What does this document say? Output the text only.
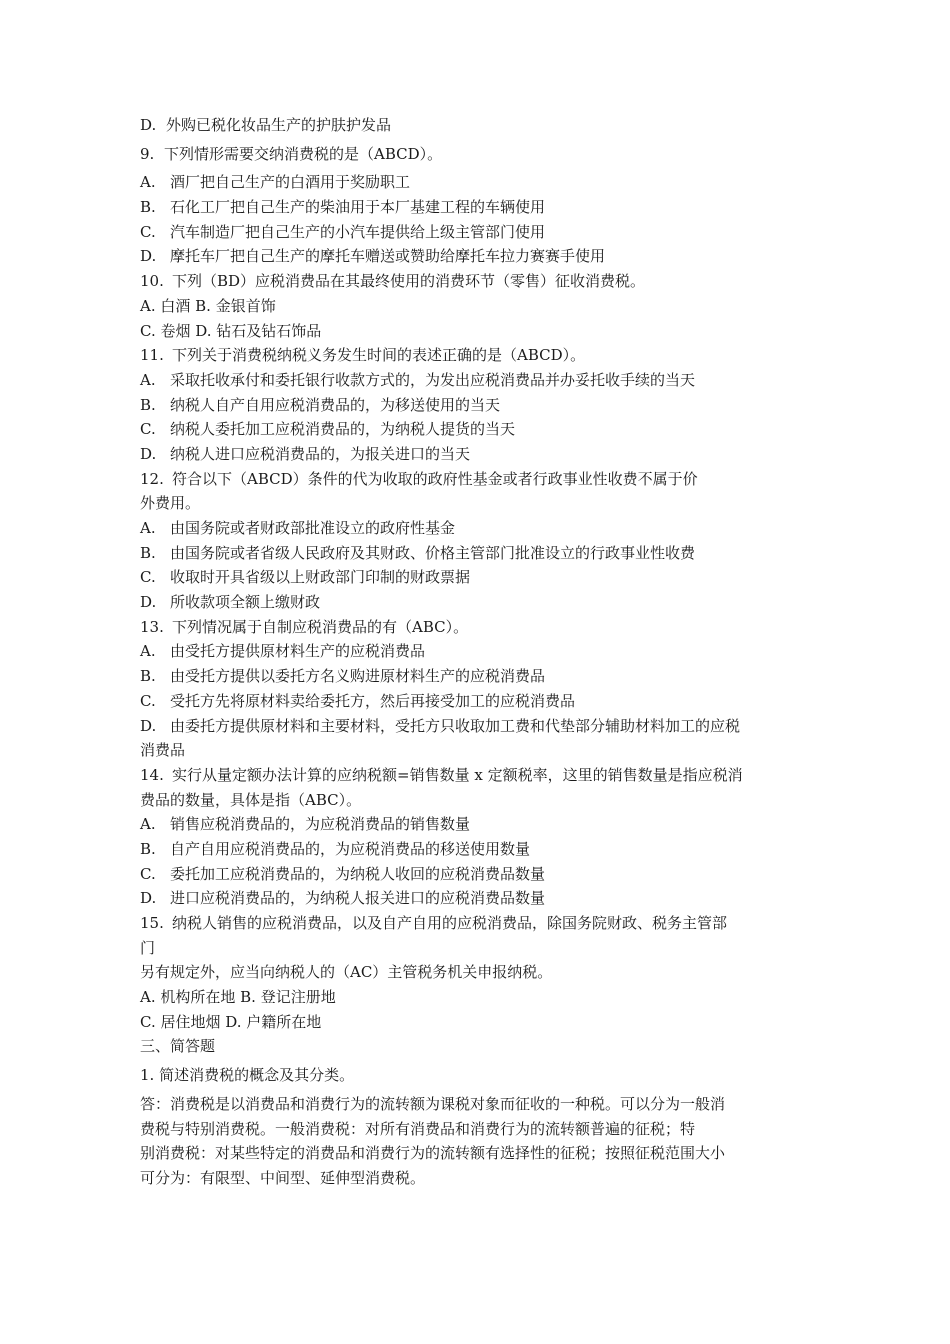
D. 外购已税化妆品生产的护肤护发品
9. 下列情形需要交纳消费税的是（ABCD）。
A. 酒厂把自己生产的白酒用于奖励职工
B. 石化工厂把自己生产的柴油用于本厂基建工程的车辆使用
C. 汽车制造厂把自己生产的小汽车提供给上级主管部门使用
D. 摩托车厂把自己生产的摩托车赠送或赞助给摩托车拉力赛赛手使用
10. 下列（BD）应税消费品在其最终使用的消费环节（零售）征收消费税。
A. 白酒 B. 金银首饰
C. 卷烟 D. 钻石及钻石饰品
11. 下列关于消费税纳税义务发生时间的表述正确的是（ABCD）。
A. 采取托收承付和委托银行收款方式的，为发出应税消费品并办妥托收手续的当天
B. 纳税人自产自用应税消费品的，为移送使用的当天
C. 纳税人委托加工应税消费品的，为纳税人提货的当天
D. 纳税人进口应税消费品的，为报关进口的当天
12. 符合以下（ABCD）条件的代为收取的政府性基金或者行政事业性收费不属于价
外费用。
A. 由国务院或者财政部批准设立的政府性基金
B. 由国务院或者省级人民政府及其财政、价格主管部门批准设立的行政事业性收费
C. 收取时开具省级以上财政部门印制的财政票据
D. 所收款项全额上缴财政
13. 下列情况属于自制应税消费品的有（ABC）。
A. 由受托方提供原材料生产的应税消费品
B. 由受托方提供以委托方名义购进原材料生产的应税消费品
C. 受托方先将原材料卖给委托方，然后再接受加工的应税消费品
D. 由委托方提供原材料和主要材料，受托方只收取加工费和代垫部分辅助材料加工的应税
消费品
14. 实行从量定额办法计算的应纳税额=销售数量 x 定额税率，这里的销售数量是指应税消
费品的数量，具体是指（ABC）。
A. 销售应税消费品的，为应税消费品的销售数量
B. 自产自用应税消费品的，为应税消费品的移送使用数量
C. 委托加工应税消费品的，为纳税人收回的应税消费品数量
D. 进口应税消费品的，为纳税人报关进口的应税消费品数量
15. 纳税人销售的应税消费品，以及自产自用的应税消费品，除国务院财政、税务主管部
门
另有规定外，应当向纳税人的（AC）主管税务机关申报纳税。
A. 机构所在地 B. 登记注册地
C. 居住地烟 D. 户籍所在地
三、简答题
1. 简述消费税的概念及其分类。
答：消费税是以消费品和消费行为的流转额为课税对象而征收的一种税。可以分为一般消
费税与特别消费税。一般消费税：对所有消费品和消费行为的流转额普遍的征税；特
别消费税：对某些特定的消费品和消费行为的流转额有选择性的征税；按照征税范围大小
可分为：有限型、中间型、延伸型消费税。
